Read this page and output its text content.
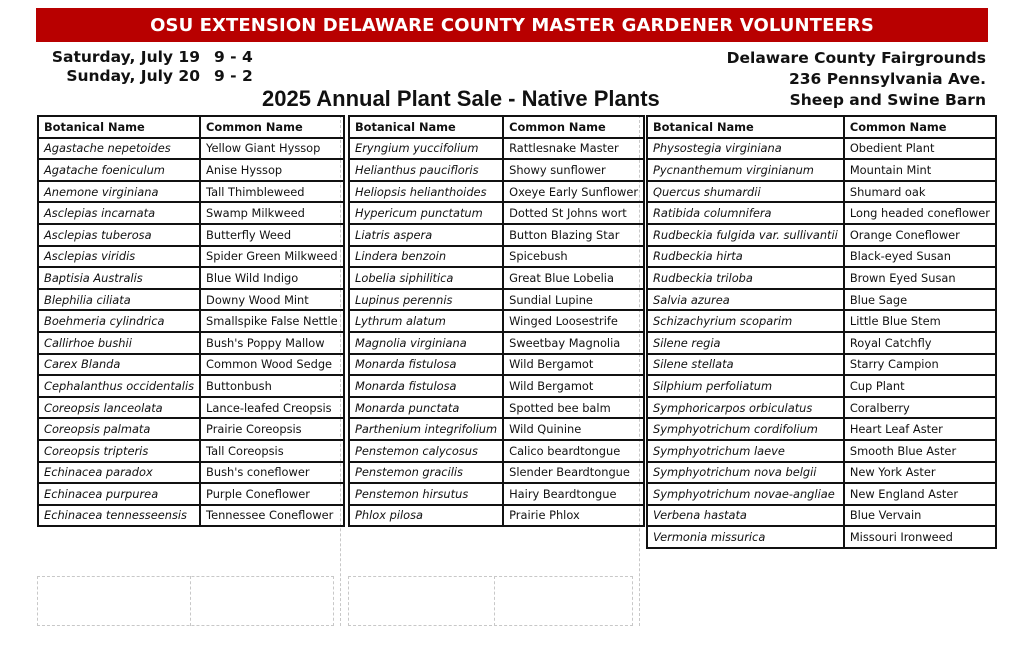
OSU EXTENSION DELAWARE COUNTY MASTER GARDENER VOLUNTEERS
Saturday, July 19 9 - 4
Sunday, July 20 9 - 2
Delaware County Fairgrounds
236 Pennsylvania Ave.
Sheep and Swine Barn
2025 Annual Plant Sale - Native Plants
Botanical Name	Common Name
Agastache nepetoides	Yellow Giant Hyssop
Agatache foeniculum	Anise Hyssop
Anemone virginiana	Tall Thimbleweed
Asclepias incarnata	Swamp Milkweed
Asclepias tuberosa	Butterfly Weed
Asclepias viridis	Spider Green Milkweed
Baptisia Australis	Blue Wild Indigo
Blephilia ciliata	Downy Wood Mint
Boehmeria cylindrica	Smallspike False Nettle
Callirhoe bushii	Bush's Poppy Mallow
Carex Blanda	Common Wood Sedge
Cephalanthus occidentalis	Buttonbush
Coreopsis lanceolata	Lance-leafed Creopsis
Coreopsis palmata	Prairie Coreopsis
Coreopsis tripteris	Tall Coreopsis
Echinacea paradox	Bush's coneflower
Echinacea purpurea	Purple Coneflower
Echinacea tennesseensis	Tennessee Coneflower
Botanical Name	Common Name
Eryngium yuccifolium	Rattlesnake Master
Helianthus paucifloris	Showy sunflower
Heliopsis helianthoides	Oxeye Early Sunflower
Hypericum punctatum	Dotted St Johns wort
Liatris aspera	Button Blazing Star
Lindera benzoin	Spicebush
Lobelia siphilitica	Great Blue Lobelia
Lupinus perennis	Sundial Lupine
Lythrum alatum	Winged Loosestrife
Magnolia virginiana	Sweetbay Magnolia
Monarda fistulosa	Wild Bergamot
Monarda fistulosa	Wild Bergamot
Monarda punctata	Spotted bee balm
Parthenium integrifolium	Wild Quinine
Penstemon calycosus	Calico beardtongue
Penstemon gracilis	Slender Beardtongue
Penstemon hirsutus	Hairy Beardtongue
Phlox pilosa	Prairie Phlox
Botanical Name	Common Name
Physostegia virginiana	Obedient Plant
Pycnanthemum virginianum	Mountain Mint
Quercus shumardii	Shumard oak
Ratibida columnifera	Long headed coneflower
Rudbeckia fulgida var. sullivantii	Orange Coneflower
Rudbeckia hirta	Black-eyed Susan
Rudbeckia triloba	Brown Eyed Susan
Salvia azurea	Blue Sage
Schizachyrium scoparim	Little Blue Stem
Silene regia	Royal Catchfly
Silene stellata	Starry Campion
Silphium perfoliatum	Cup Plant
Symphoricarpos orbiculatus	Coralberry
Symphyotrichum cordifolium	Heart Leaf Aster
Symphyotrichum laeve	Smooth Blue Aster
Symphyotrichum nova belgii	New York Aster
Symphyotrichum novae-angliae	New England Aster
Verbena hastata	Blue Vervain
Vermonia missurica	Missouri Ironweed
